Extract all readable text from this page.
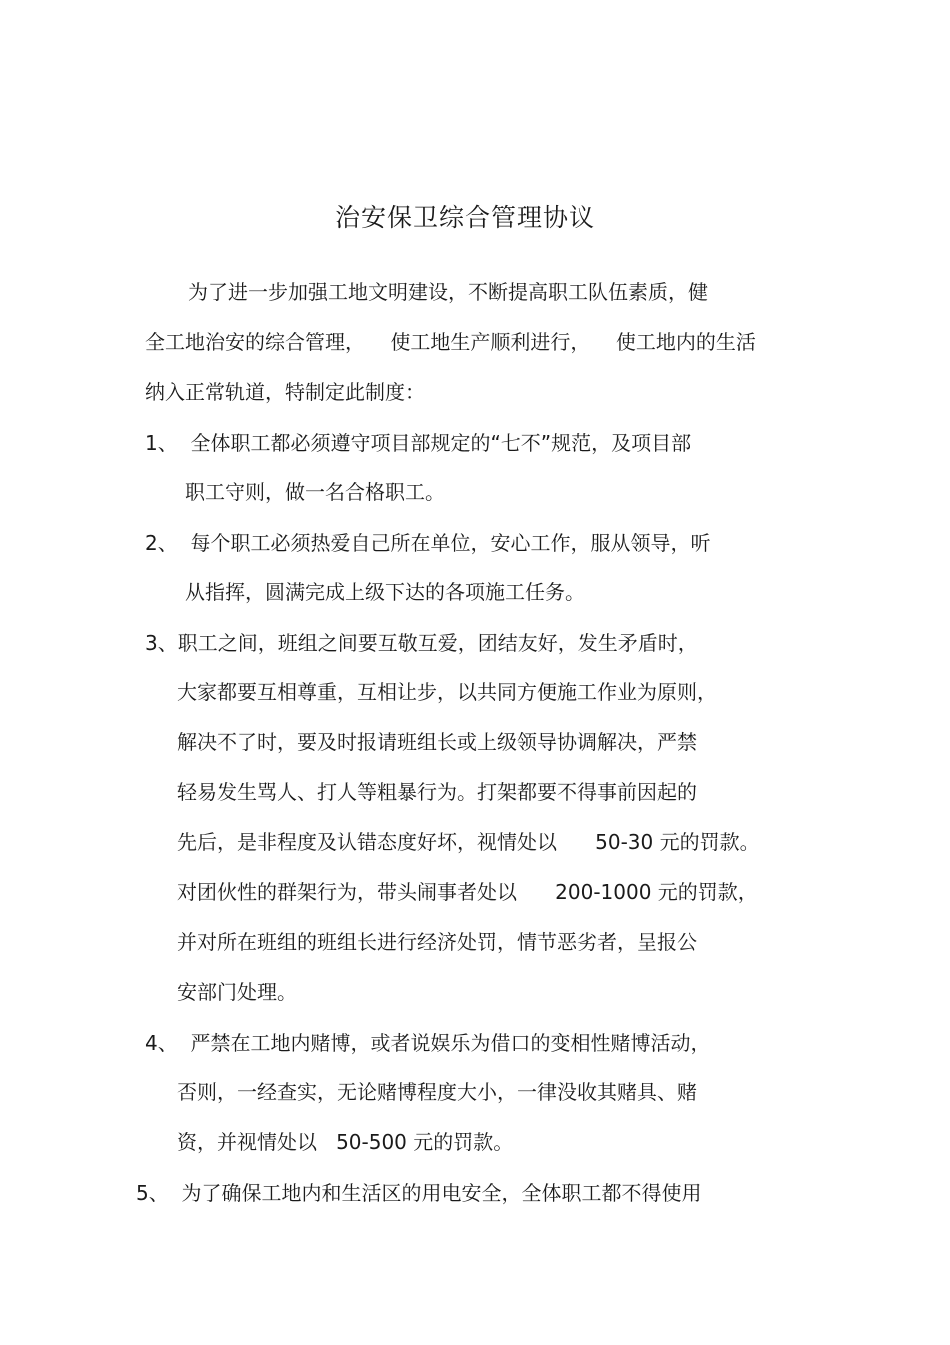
治安保卫综合管理协议
为了进一步加强工地文明建设，不断提高职工队伍素质，健
全工地治安的综合管理，    使工地生产顺利进行，    使工地内的生活
纳入正常轨道，特制定此制度：
1、  全体职工都必须遵守项目部规定的“七不”规范，及项目部
职工守则，做一名合格职工。
2、  每个职工必须热爱自己所在单位，安心工作，服从领导，听
从指挥，圆满完成上级下达的各项施工任务。
3、职工之间，班组之间要互敬互爱，团结友好，发生矛盾时，
大家都要互相尊重，互相让步，以共同方便施工作业为原则，
解决不了时，要及时报请班组长或上级领导协调解决，严禁
轻易发生骂人、打人等粗暴行为。打架都要不得事前因起的
先后，是非程度及认错态度好坏，视情处以      50-30 元的罚款。
对团伙性的群架行为，带头闹事者处以      200-1000 元的罚款，
并对所在班组的班组长进行经济处罚，情节恶劣者，呈报公
安部门处理。
4、  严禁在工地内赌博，或者说娱乐为借口的变相性赌博活动，
否则，一经查实，无论赌博程度大小，一律没收其赌具、赌
资，并视情处以   50-500 元的罚款。
5、  为了确保工地内和生活区的用电安全，全体职工都不得使用
